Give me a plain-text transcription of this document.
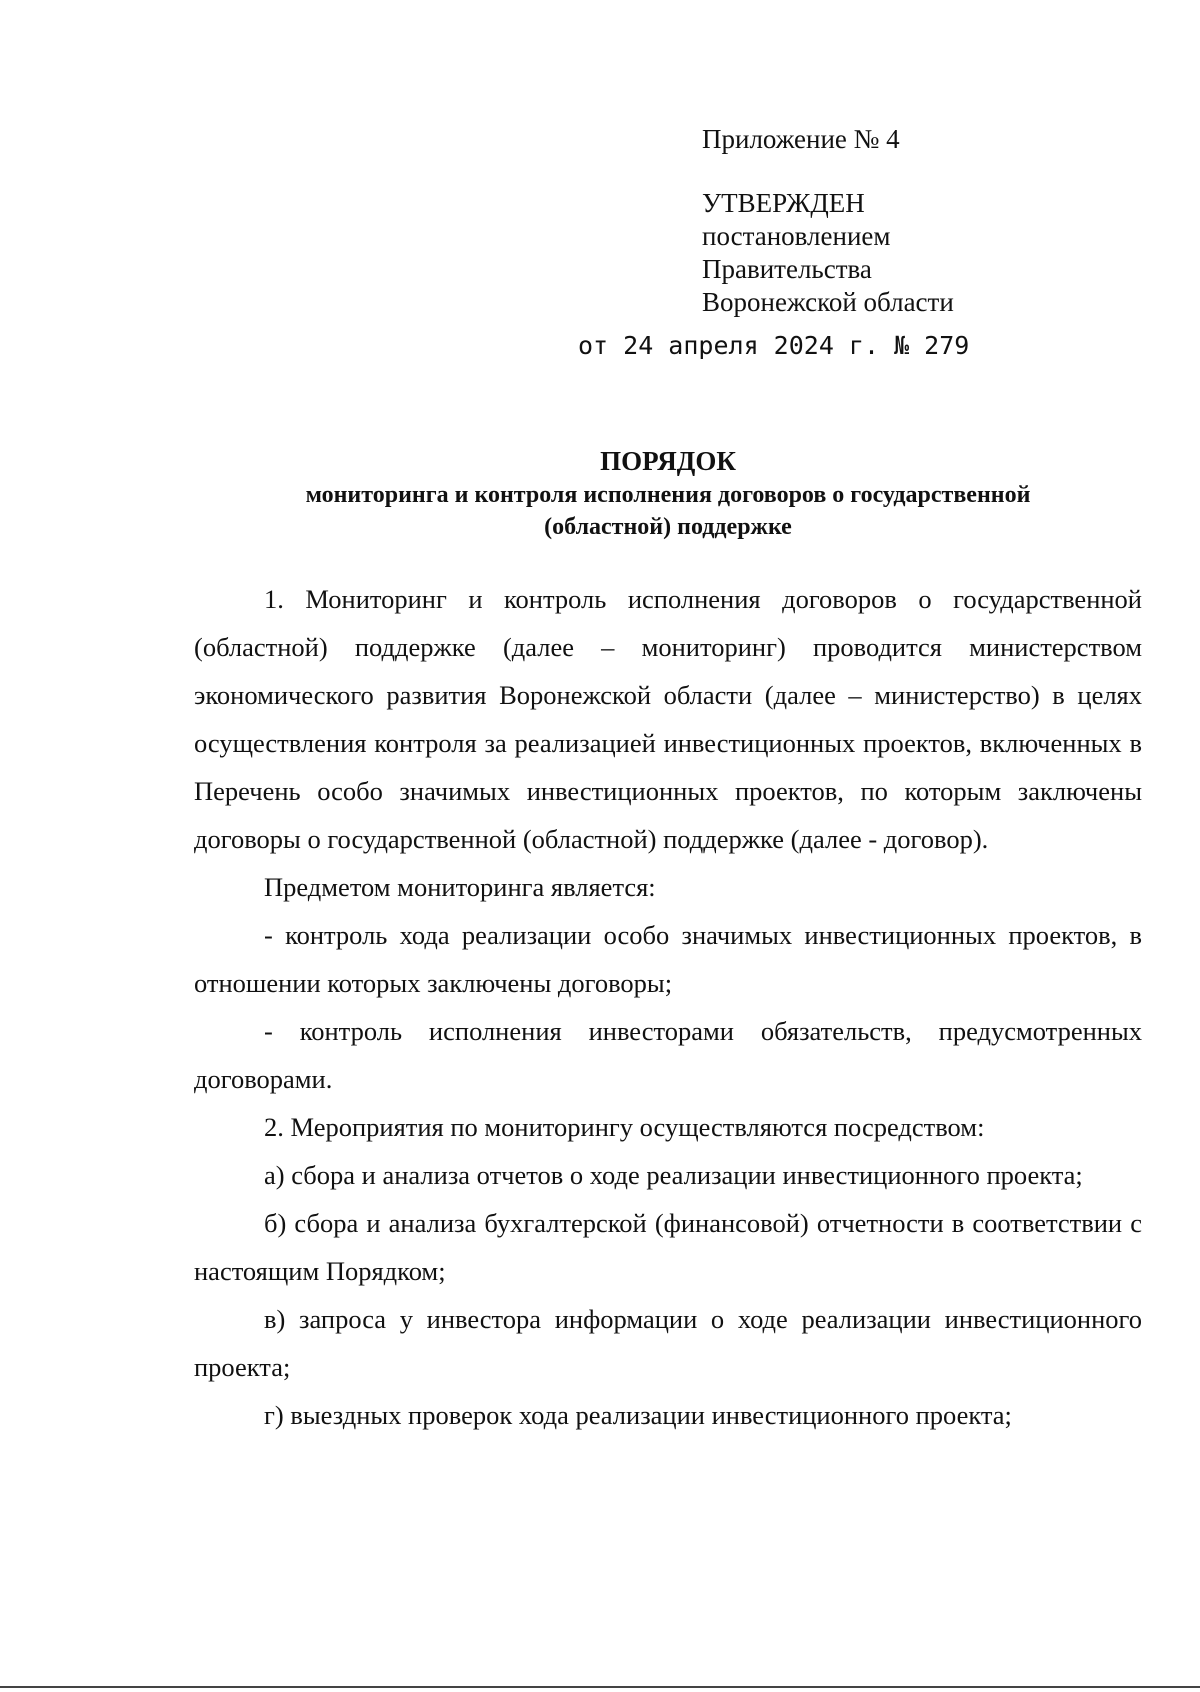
Приложение № 4

УТВЕРЖДЕН

постановлением

Правительства

Воронежской области

от 24 апреля 2024 г. № 279

ПОРЯДОК
мониторинга и контроля исполнения договоров о государственной
(областной) поддержке

1. Мониторинг и контроль исполнения договоров о государственной (областной) поддержке (далее – мониторинг) проводится министерством экономического развития Воронежской области (далее – министерство) в целях осуществления контроля за реализацией инвестиционных проектов, включенных в Перечень особо значимых инвестиционных проектов, по которым заключены договоры о государственной (областной) поддержке (далее - договор).

Предметом мониторинга является:

- контроль хода реализации особо значимых инвестиционных проектов, в отношении которых заключены договоры;

- контроль исполнения инвесторами обязательств, предусмотренных договорами.

2. Мероприятия по мониторингу осуществляются посредством:

а) сбора и анализа отчетов о ходе реализации инвестиционного проекта;

б) сбора и анализа бухгалтерской (финансовой) отчетности в соответствии с настоящим Порядком;

в) запроса у инвестора информации о ходе реализации инвестиционного проекта;

г) выездных проверок хода реализации инвестиционного проекта;
